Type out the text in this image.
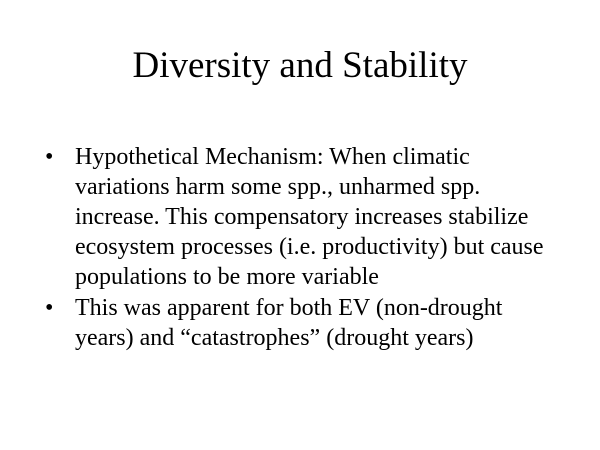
Diversity and Stability
• Hypothetical Mechanism: When climatic variations harm some spp., unharmed spp. increase. This compensatory increases stabilize ecosystem processes (i.e. productivity) but cause populations to be more variable
• This was apparent for both EV (non-drought years) and “catastrophes” (drought years)
